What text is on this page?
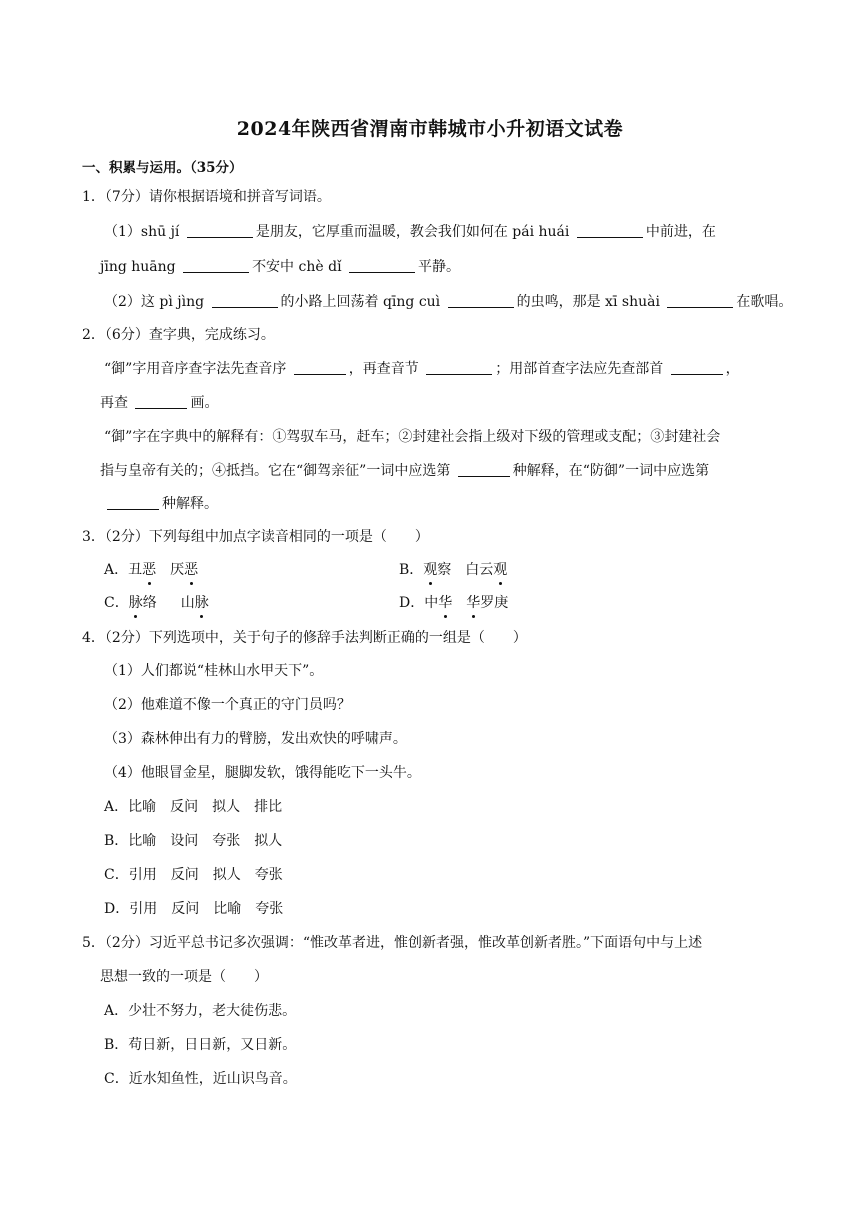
2024年陕西省渭南市韩城市小升初语文试卷
一、积累与运用。（35分）
1．（7分）请你根据语境和拼音写词语。
（1）shū jí	是朋友，它厚重而温暖，教会我们如何在 pái huái	中前进，在
jīng huāng	不安中 chè dǐ	平静。
（2）这 pì jìng	的小路上回荡着 qīng cuì	的虫鸣，那是 xī shuài	在歌唱。
2．（6分）查字典，完成练习。
“御”字用音序查字法先查音序	，再查音节	；用部首查字法应先查部首	，
再查	画。
“御”字在字典中的解释有：①驾驭车马，赶车；②封建社会指上级对下级的管理或支配；③封建社会
指与皇帝有关的；④抵挡。它在“御驾亲征”一词中应选第	种解释，在“防御”一词中应选第
种解释。
3．（2分）下列每组中加点字读音相同的一项是（　　）
A．丑恶 厌恶	B．观察 白云观
C．脉络 山脉	D．中华 华罗庚
4．（2分）下列选项中，关于句子的修辞手法判断正确的一组是（　　）
（1）人们都说“桂林山水甲天下”。
（2）他难道不像一个真正的守门员吗？
（3）森林伸出有力的臂膀，发出欢快的呼啸声。
（4）他眼冒金星，腿脚发软，饿得能吃下一头牛。
A．比喻　反问　拟人　排比
B．比喻　设问　夸张　拟人
C．引用　反问　拟人　夸张
D．引用　反问　比喻　夸张
5．（2分）习近平总书记多次强调：“惟改革者进，惟创新者强，惟改革创新者胜。”下面语句中与上述
思想一致的一项是（　　）
A．少壮不努力，老大徒伤悲。
B．苟日新，日日新，又日新。
C．近水知鱼性，近山识鸟音。
